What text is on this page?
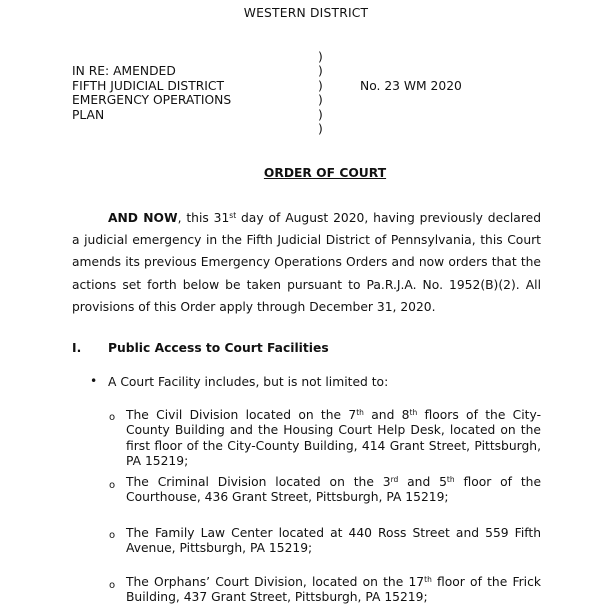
WESTERN DISTRICT
IN RE: AMENDED
FIFTH JUDICIAL DISTRICT
EMERGENCY OPERATIONS
PLAN
)
)
)
)
)
)
No. 23 WM 2020
ORDER OF COURT
AND NOW, this 31st day of August 2020, having previously declared a judicial emergency in the Fifth Judicial District of Pennsylvania, this Court amends its previous Emergency Operations Orders and now orders that the actions set forth below be taken pursuant to Pa.R.J.A. No. 1952(B)(2). All provisions of this Order apply through December 31, 2020.
I. Public Access to Court Facilities
• A Court Facility includes, but is not limited to:
o The Civil Division located on the 7th and 8th floors of the City-County Building and the Housing Court Help Desk, located on the first floor of the City-County Building, 414 Grant Street, Pittsburgh, PA 15219;
o The Criminal Division located on the 3rd and 5th floor of the Courthouse, 436 Grant Street, Pittsburgh, PA 15219;
o The Family Law Center located at 440 Ross Street and 559 Fifth Avenue, Pittsburgh, PA 15219;
o The Orphans’ Court Division, located on the 17th floor of the Frick Building, 437 Grant Street, Pittsburgh, PA 15219;
